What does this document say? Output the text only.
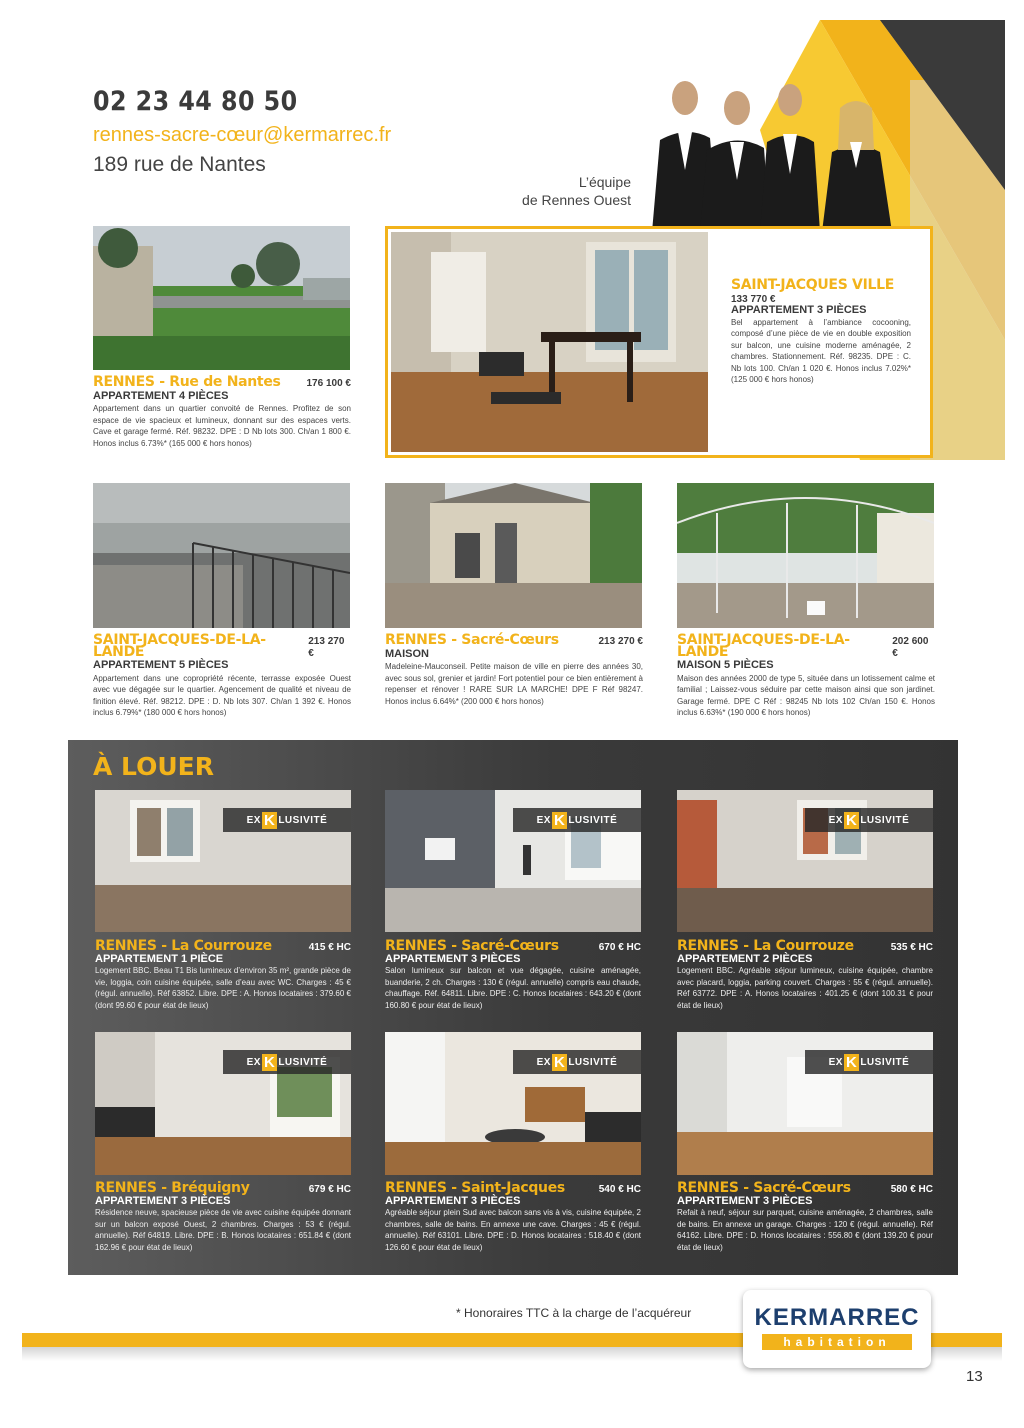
02 23 44 80 50
rennes-sacre-cœur@kermarrec.fr
189 rue de Nantes
L’équipe
de Rennes Ouest
RENNES - Rue de Nantes	176 100 €
APPARTEMENT 4 PIÈCES
Appartement dans un quartier convoité de Rennes. Profitez de son espace de vie spacieux et lumineux, donnant sur des espaces verts. Cave et garage fermé. Réf. 98232. DPE : D Nb lots 300. Ch/an 1 800 €. Honos inclus 6.73%* (165 000 € hors honos)
SAINT-JACQUES VILLE
133 770 €
APPARTEMENT 3 PIÈCES
Bel appartement à l’ambiance cocooning, composé d’une pièce de vie en double exposition sur balcon, une cuisine moderne aménagée, 2 chambres. Stationnement. Réf. 98235. DPE : C. Nb lots 100. Ch/an 1 020 €. Honos inclus 7.02%* (125 000 € hors honos)
SAINT-JACQUES-DE-LA-LANDE
213 270 €
APPARTEMENT 5 PIÈCES
Appartement dans une copropriété récente, terrasse exposée Ouest avec vue dégagée sur le quartier. Agencement de qualité et niveau de finition élevé. Réf. 98212. DPE : D. Nb lots 307. Ch/an 1 392 €. Honos inclus 6.79%* (180 000 € hors honos)
RENNES - Sacré-Cœurs	213 270 €
MAISON
Madeleine-Mauconseil. Petite maison de ville en pierre des années 30, avec sous sol, grenier et jardin! Fort potentiel pour ce bien entièrement à repenser et rénover ! RARE SUR LA MARCHE! DPE F Réf 98247. Honos inclus 6.64%* (200 000 € hors honos)
SAINT-JACQUES-DE-LA-LANDE
202 600 €
MAISON 5 PIÈCES
Maison des années 2000 de type 5, située dans un lotissement calme et familial ; Laissez-vous séduire par cette maison ainsi que son jardinet. Garage fermé. DPE C Réf : 98245 Nb lots 102 Ch/an 150 €. Honos inclus 6.63%* (190 000 € hors honos)
À LOUER
EX K LUSIVITÉ	EX K LUSIVITÉ	EX K LUSIVITÉ
RENNES - La Courrouze	415 € HC
APPARTEMENT 1 PIÈCE
Logement BBC. Beau T1 Bis lumineux d’environ 35 m², grande pièce de vie, loggia, coin cuisine équipée, salle d’eau avec WC. Charges : 45 € (régul. annuelle). Réf 63852. Libre. DPE : A. Honos locataires : 379.60 € (dont 99.60 € pour état de lieux)
RENNES - Sacré-Cœurs	670 € HC
APPARTEMENT 3 PIÈCES
Salon lumineux sur balcon et vue dégagée, cuisine aménagée, buanderie, 2 ch. Charges : 130 € (régul. annuelle) compris eau chaude, chauffage. Réf. 64811. Libre. DPE : C. Honos locataires : 643.20 € (dont 160.80 € pour état de lieux)
RENNES - La Courrouze	535 € HC
APPARTEMENT 2 PIÈCES
Logement BBC. Agréable séjour lumineux, cuisine équipée, chambre avec placard, loggia, parking couvert. Charges : 55 € (régul. annuelle). Réf 63772. DPE : A. Honos locataires : 401.25 € (dont 100.31 € pour état de lieux)
EX K LUSIVITÉ	EX K LUSIVITÉ	EX K LUSIVITÉ
RENNES - Bréquigny	679 € HC
APPARTEMENT 3 PIÈCES
Résidence neuve, spacieuse pièce de vie avec cuisine équipée donnant sur un balcon exposé Ouest, 2 chambres. Charges : 53 € (régul. annuelle). Réf 64819. Libre. DPE : B. Honos locataires : 651.84 € (dont 162.96 € pour état de lieux)
RENNES - Saint-Jacques	540 € HC
APPARTEMENT 3 PIÈCES
Agréable séjour plein Sud avec balcon sans vis à vis, cuisine équipée, 2 chambres, salle de bains. En annexe une cave. Charges : 45 € (régul. annuelle). Réf 63101. Libre. DPE : D. Honos locataires : 518.40 € (dont 126.60 € pour état de lieux)
RENNES - Sacré-Cœurs	580 € HC
APPARTEMENT 3 PIÈCES
Refait à neuf, séjour sur parquet, cuisine aménagée, 2 chambres, salle de bains. En annexe un garage. Charges : 120 € (régul. annuelle). Réf 64162. Libre. DPE : D. Honos locataires : 556.80 € (dont 139.20 € pour état de lieux)
* Honoraires TTC à la charge de l’acquéreur	KERMARREC
habitation
13
